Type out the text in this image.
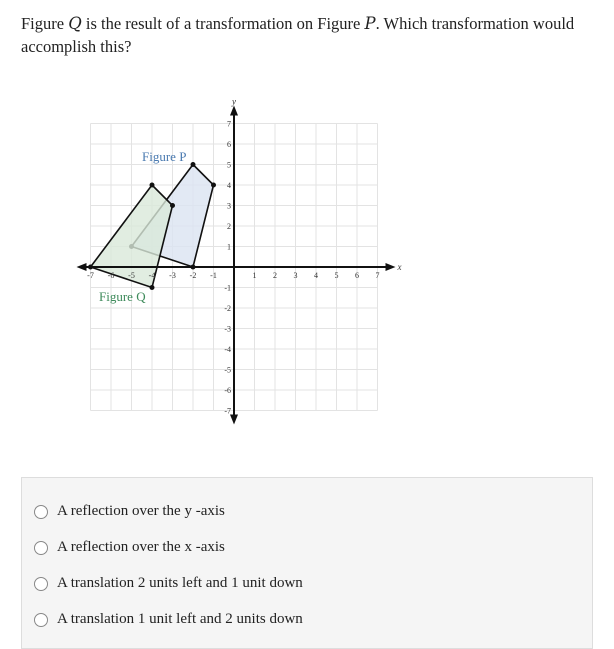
Figure Q is the result of a transformation on Figure P. Which transformation would accomplish this?
-7
-7
-6
-6
-5
-5
-4
-4
-3
-3
-2
-2
-1
-1
1
1
2
2
3
3
4
4
5
5
6
6
7
7
x
y
Figure P
Figure Q
A reflection over the y -axis
A reflection over the x -axis
A translation 2 units left and 1 unit down
A translation 1 unit left and 2 units down
